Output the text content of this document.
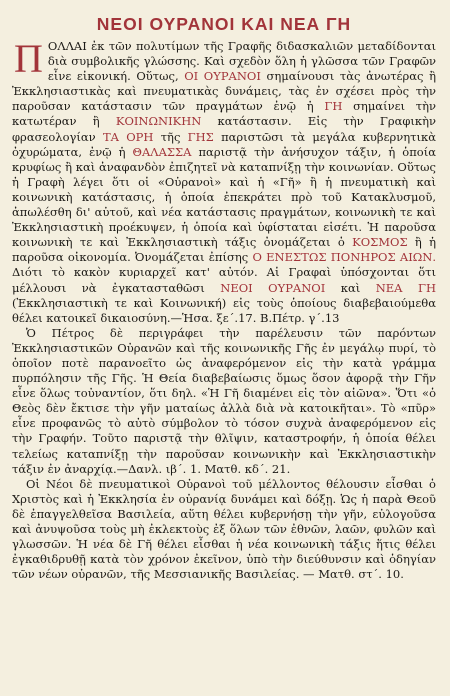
ΝΕΟΙ ΟΥΡΑΝΟΙ ΚΑΙ ΝΕΑ ΓΗ

Π ΟΛΛΑΙ ἐκ τῶν πολυτίμων τῆς Γραφῆς διδασκαλιῶν μεταδίδονται διὰ συμβολικῆς γλώσσης. Καὶ σχεδὸν ὅλη ἡ γλῶσσα τῶν Γραφῶν εἶνε εἰκονική. Οὕτως, ΟΙ ΟΥΡΑΝΟΙ σημαίνουσι τὰς ἀνωτέρας ἢ Ἐκκλησιαστικὰς καὶ πνευματικὰς δυνάμεις, τὰς ἐν σχέσει πρὸς τὴν παροῦσαν κατάστασιν τῶν πραγμάτων ἐνῷ ἡ ΓΗ σημαίνει τὴν κατωτέραν ἢ ΚΟΙΝΩΝΙΚΗΝ κατάστασιν. Εἰς τὴν Γραφικὴν φρασεολογίαν ΤΑ ΟΡΗ τῆς ΓΗΣ παριστῶσι τὰ μεγάλα κυβερνητικὰ ὀχυρώματα, ἐνῷ ἡ ΘΑΛΑΣΣΑ παριστᾷ τὴν ἀνήσυχον τάξιν, ἡ ὁποία κρυφίως ἢ καὶ ἀναφανδὸν ἐπιζητεῖ νὰ καταπνίξῃ τὴν κοινωνίαν. Οὕτως ἡ Γραφὴ λέγει ὅτι οἱ «Οὐρανοὶ» καὶ ἡ «Γῆ» ἢ ἡ πνευματικὴ καὶ κοινωνικὴ κατάστασις, ἡ ὁποία ἐπεκράτει πρὸ τοῦ Κατακλυσμοῦ, ἀπωλέσθη δι' αὐτοῦ, καὶ νέα κατάστασις πραγμάτων, κοινωνικὴ τε καὶ Ἐκκλησιαστικὴ προέκυψεν, ἡ ὁποία καὶ ὑφίσταται εἰσέτι. Ἡ παροῦσα κοινωνικὴ τε καὶ Ἐκκλησιαστικὴ τάξις ὀνομάζεται ὁ ΚΟΣΜΟΣ ἢ ἡ παροῦσα οἰκονομία. Ὀνομάζεται ἐπίσης Ο ΕΝΕΣΤΩΣ ΠΟΝΗΡΟΣ ΑΙΩΝ. Διότι τὸ κακὸν κυριαρχεῖ κατ' αὐτόν. Αἱ Γραφαὶ ὑπόσχονται ὅτι μέλλουσι νὰ ἐγκατασταθῶσι ΝΕΟΙ ΟΥΡΑΝΟΙ καὶ ΝΕΑ ΓΗ (Ἐκκλησιαστικὴ τε καὶ Κοινωνική) εἰς τοὺς ὁποίους διαβεβαιούμεθα θέλει κατοικεῖ δικαιοσύνη.—Ἡσα. ξε΄.17. Β.Πέτρ. γ΄.13

Ὁ Πέτρος δὲ περιγράφει τὴν παρέλευσιν τῶν παρόντων Ἐκκλησιαστικῶν Οὐρανῶν καὶ τῆς κοινωνικῆς Γῆς ἐν μεγάλῳ πυρί, τὸ ὁποῖον ποτὲ παρανοεῖτο ὡς ἀναφερόμενον εἰς τὴν κατὰ γράμμα πυρπόλησιν τῆς Γῆς. Ἡ Θεία διαβεβαίωσις ὅμως ὅσον ἀφορᾷ τὴν Γῆν εἶνε ὅλως τοὐναντίον, ὅτι δηλ. «Ἡ Γῆ διαμένει εἰς τὸν αἰῶνα». Ὅτι «ὁ Θεὸς δὲν ἔκτισε τὴν γῆν ματαίως ἀλλὰ διὰ νὰ κατοικῆται». Τὸ «πῦρ» εἶνε προφανῶς τὸ αὐτὸ σύμβολον τὸ τόσον συχνὰ ἀναφερόμενον εἰς τὴν Γραφήν. Τοῦτο παριστᾷ τὴν θλῖψιν, καταστροφήν, ἡ ὁποία θέλει τελείως καταπνίξῃ τὴν παροῦσαν κοινωνικὴν καὶ Ἐκκλησιαστικὴν τάξιν ἐν ἀναρχίᾳ.—Δανλ. ιβ΄. 1. Ματθ. κδ΄. 21.

Οἱ Νέοι δὲ πνευματικοὶ Οὐρανοὶ τοῦ μέλλοντος θέλουσιν εἶσθαι ὁ Χριστὸς καὶ ἡ Ἐκκλησία ἐν οὐρανίᾳ δυνάμει καὶ δόξῃ. Ὡς ἡ παρὰ Θεοῦ δὲ ἐπαγγελθεῖσα Βασιλεία, αὕτη θέλει κυβερνήσῃ τὴν γῆν, εὐλογοῦσα καὶ ἀνυψοῦσα τοὺς μὴ ἐκλεκτοὺς ἐξ ὅλων τῶν ἐθνῶν, λαῶν, φυλῶν καὶ γλωσσῶν. Ἡ νέα δὲ Γῆ θέλει εἶσθαι ἡ νέα κοινωνικὴ τάξις ἥτις θέλει ἐγκαθιδρυθῇ κατὰ τὸν χρόνον ἐκεῖνον, ὑπὸ τὴν διεύθυνσιν καὶ ὁδηγίαν τῶν νέων οὐρανῶν, τῆς Μεσσιανικῆς Βασιλείας. — Ματθ. στ΄. 10.
